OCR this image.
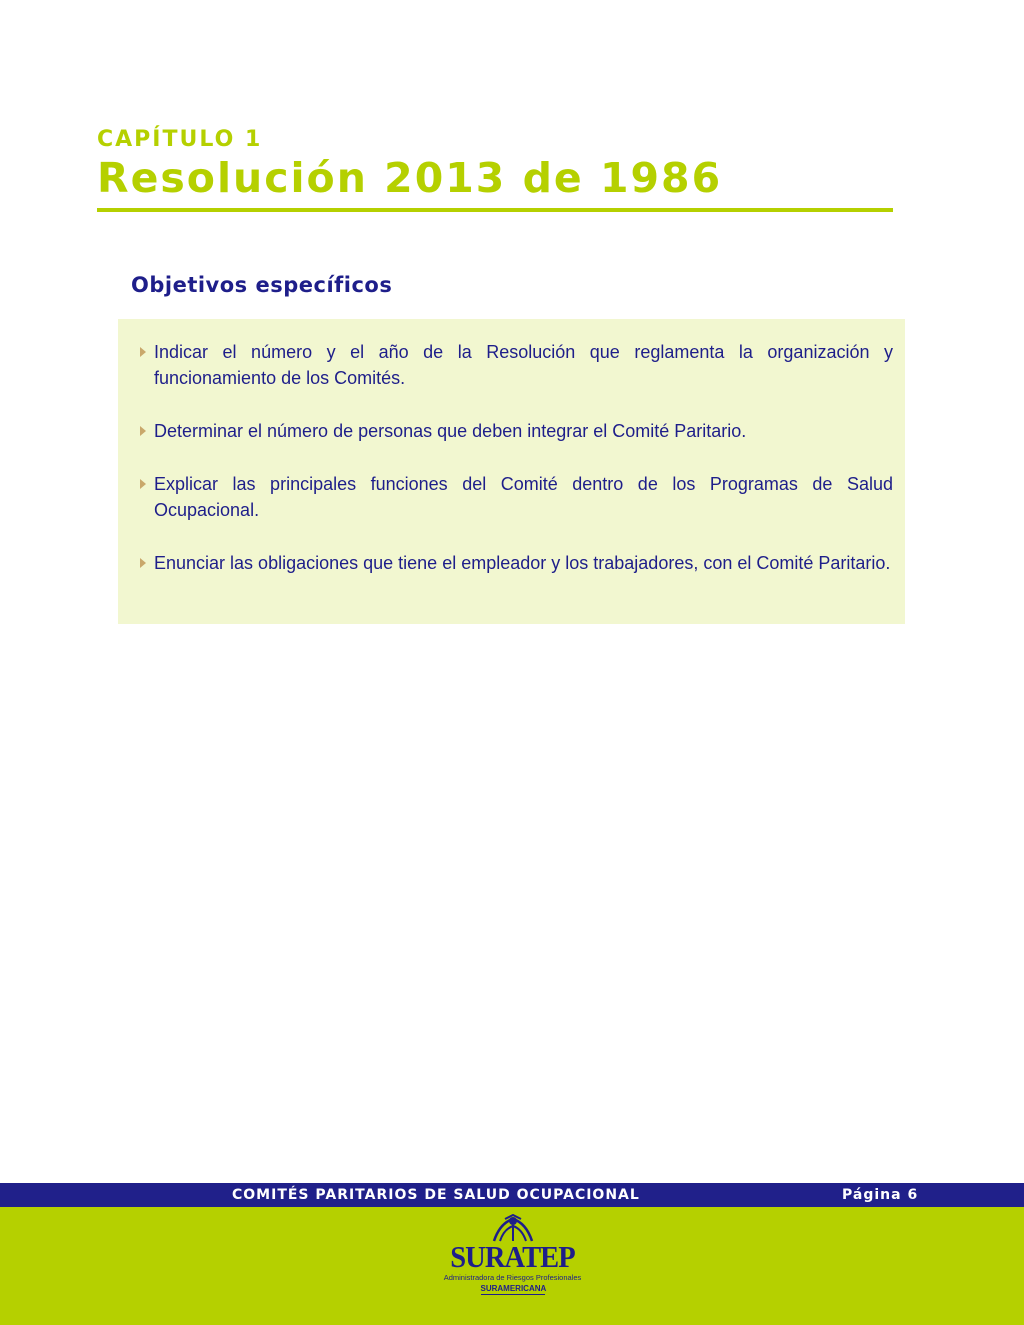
CAPÍTULO 1
Resolución 2013 de 1986
Objetivos específicos
Indicar el número y el año de la Resolución que reglamenta la organización y funcionamiento de los Comités.
Determinar el número de personas que deben integrar el Comité Paritario.
Explicar las principales funciones del Comité dentro de los Programas de Salud Ocupacional.
Enunciar las obligaciones que tiene el empleador y los trabajadores, con el Comité Paritario.
COMITÉS PARITARIOS DE SALUD OCUPACIONAL	Página 6
SURATEP
Administradora de Riesgos Profesionales
SURAMERICANA
